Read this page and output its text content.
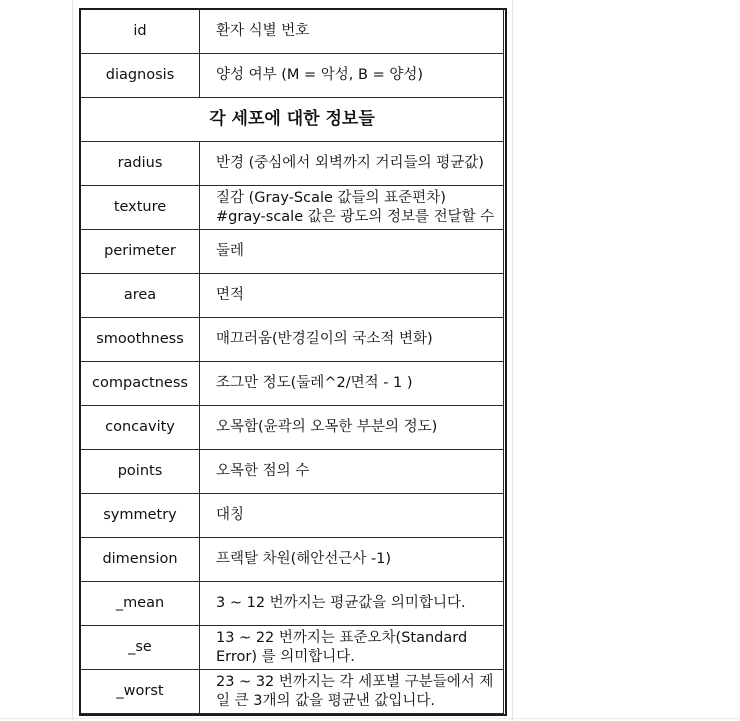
id	환자 식별 번호
diagnosis	양성 여부 (M = 악성, B = 양성)
각 세포에 대한 정보들	
radius	반경 (중심에서 외벽까지 거리들의 평균값)
texture	질감 (Gray-Scale 값들의 표준편차)
#gray-scale 값은 광도의 정보를 전달할 수
perimeter	둘레
area	면적
smoothness	매끄러움(반경길이의 국소적 변화)
compactness	조그만 정도(둘레^2/면적 - 1 )
concavity	오목함(윤곽의 오목한 부분의 정도)
points	오목한 점의 수
symmetry	대칭
dimension	프랙탈 차원(해안선근사 -1)
_mean	3 ~ 12 번까지는 평균값을 의미합니다.
_se	13 ~ 22 번까지는 표준오차(Standard
Error) 를 의미합니다.
_worst	23 ~ 32 번까지는 각 세포별 구분들에서 제
일 큰 3개의 값을 평균낸 값입니다.
